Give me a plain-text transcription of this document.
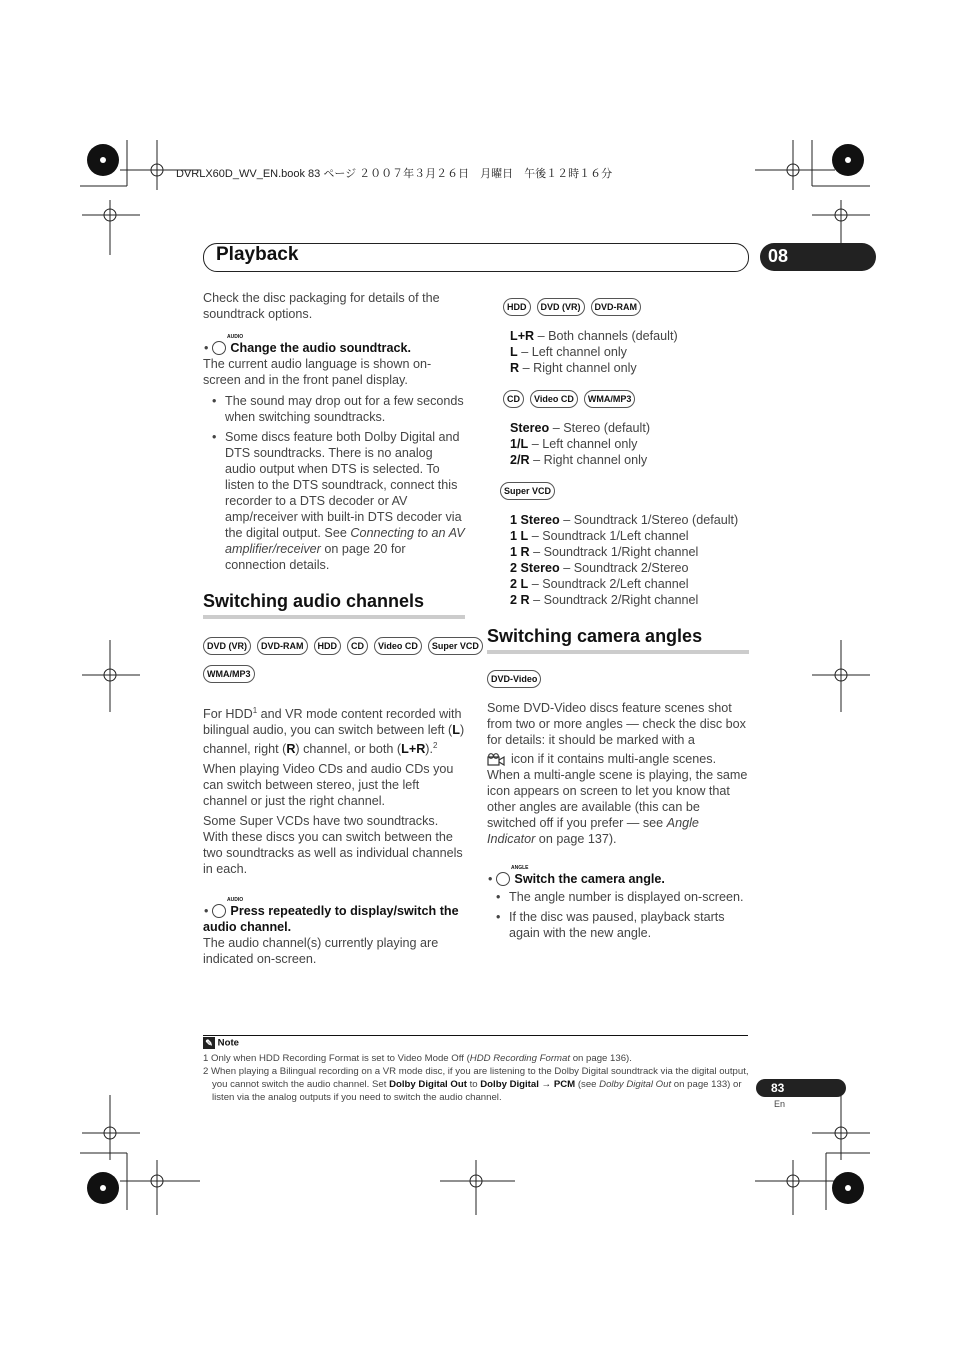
DVRLX60D_WV_EN.book 83 ページ ２００７年３月２６日　月曜日　午後１２時１６分
Playback	08

Check the disc packaging for details of the soundtrack options.

AUDIO
• Change the audio soundtrack.

The current audio language is shown on-screen and in the front panel display.

• The sound may drop out for a few seconds when switching soundtracks.

• Some discs feature both Dolby Digital and DTS soundtracks. There is no analog audio output when DTS is selected. To listen to the DTS soundtrack, connect this recorder to a DTS decoder or AV amp/receiver with built-in DTS decoder via the digital output. See Connecting to an AV amplifier/receiver on page 20 for connection details.

Switching audio channels
DVD (VR)	DVD-RAM	HDD	CD	Video CD	Super VCD
WMA/MP3

For HDD$^1$ and VR mode content recorded with bilingual audio, you can switch between left (L) channel, right (R) channel, or both (L+R).$^2$

When playing Video CDs and audio CDs you can switch between stereo, just the left channel or just the right channel.

Some Super VCDs have two soundtracks. With these discs you can switch between the two soundtracks as well as individual channels in each.

AUDIO
• Press repeatedly to display/switch the audio channel.

The audio channel(s) currently playing are indicated on-screen.

HDD	DVD (VR)	DVD-RAM
L+R – Both channels (default)
L – Left channel only
R – Right channel only
CD	Video CD	WMA/MP3
Stereo – Stereo (default)
1/L – Left channel only
2/R – Right channel only
Super VCD
1 Stereo – Soundtrack 1/Stereo (default)
1 L – Soundtrack 1/Left channel
1 R – Soundtrack 1/Right channel
2 Stereo – Soundtrack 2/Stereo
2 L – Soundtrack 2/Left channel
2 R – Soundtrack 2/Right channel
Switching camera angles
DVD-Video

Some DVD-Video discs feature scenes shot from two or more angles — check the disc box for details: it should be marked with a

icon if it contains multi-angle scenes. When a multi-angle scene is playing, the same icon appears on screen to let you know that other angles are available (this can be switched off if you prefer — see Angle Indicator on page 137).

ANGLE
• Switch the camera angle.

• The angle number is displayed on-screen.

• If the disc was paused, playback starts again with the new angle.

✎ Note
1 Only when HDD Recording Format is set to Video Mode Off (HDD Recording Format on page 136).
2 When playing a Bilingual recording on a VR mode disc, if you are listening to the Dolby Digital soundtrack via the digital output, you cannot switch the audio channel. Set Dolby Digital Out to Dolby Digital → PCM (see Dolby Digital Out on page 133) or listen via the analog outputs if you need to switch the audio channel.
83
En
